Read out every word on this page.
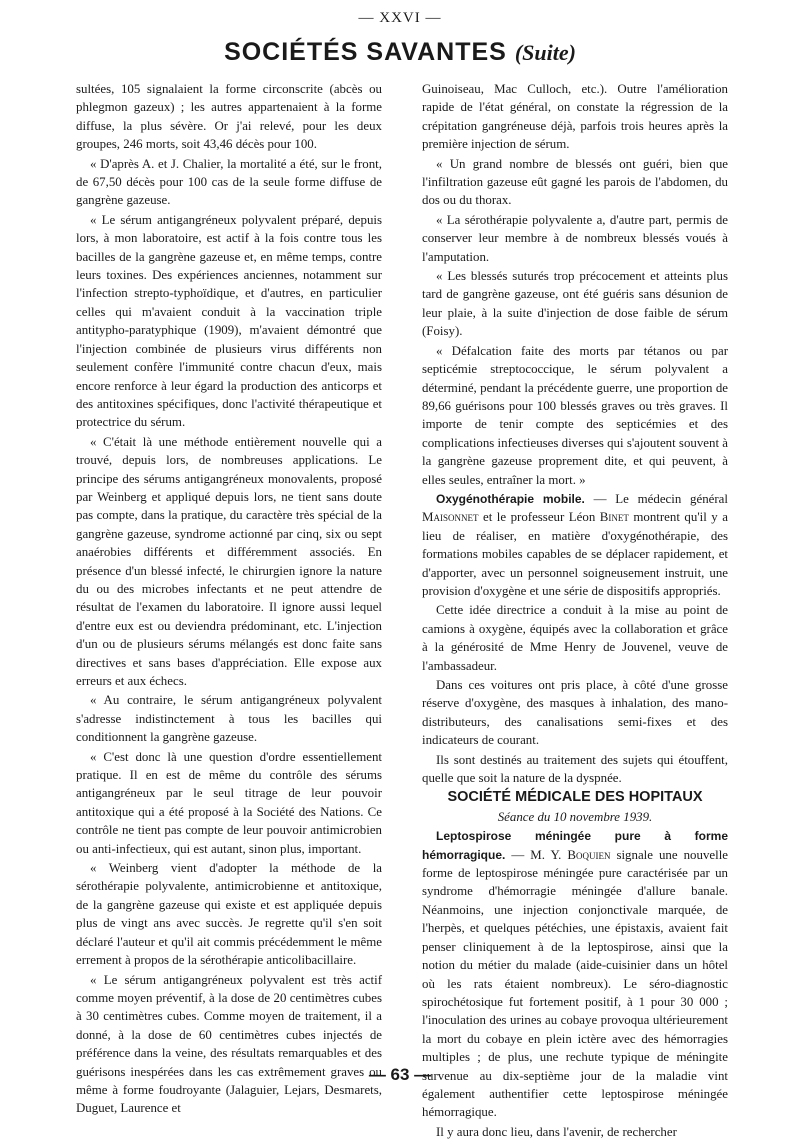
— XXVI —
SOCIÉTÉS SAVANTES (Suite)

sultées, 105 signalaient la forme circonscrite (abcès ou phlegmon gazeux) ; les autres appartenaient à la forme diffuse, la plus sévère. Or j'ai relevé, pour les deux groupes, 246 morts, soit 43,46 décès pour 100.

« D'après A. et J. Chalier, la mortalité a été, sur le front, de 67,50 décès pour 100 cas de la seule forme diffuse de gangrène gazeuse.

« Le sérum antigangréneux polyvalent préparé, depuis lors, à mon laboratoire, est actif à la fois contre tous les bacilles de la gangrène gazeuse et, en même temps, contre leurs toxines. Des expériences anciennes, notamment sur l'infection strepto-typhoïdique, et d'autres, en particulier celles qui m'avaient conduit à la vaccination triple antitypho-paratyphique (1909), m'avaient démontré que l'injection combinée de plusieurs virus différents non seulement confère l'immunité contre chacun d'eux, mais encore renforce à leur égard la production des anticorps et des antitoxines spécifiques, donc l'activité thérapeutique et protectrice du sérum.

« C'était là une méthode entièrement nouvelle qui a trouvé, depuis lors, de nombreuses applications. Le principe des sérums antigangréneux monovalents, proposé par Weinberg et appliqué depuis lors, ne tient sans doute pas compte, dans la pratique, du caractère très spécial de la gangrène gazeuse, syndrome actionné par cinq, six ou sept anaérobies différents et différemment associés. En présence d'un blessé infecté, le chirurgien ignore la nature du ou des microbes infectants et ne peut attendre de résultat de l'examen du laboratoire. Il ignore aussi lequel d'entre eux est ou deviendra prédominant, etc. L'injection d'un ou de plusieurs sérums mélangés est donc faite sans directives et sans bases d'appréciation. Elle expose aux erreurs et aux échecs.

« Au contraire, le sérum antigangréneux polyvalent s'adresse indistinctement à tous les bacilles qui conditionnent la gangrène gazeuse.

« C'est donc là une question d'ordre essentiellement pratique. Il en est de même du contrôle des sérums antigangréneux par le seul titrage de leur pouvoir antitoxique qui a été proposé à la Société des Nations. Ce contrôle ne tient pas compte de leur pouvoir antimicrobien ou anti-infectieux, qui est autant, sinon plus, important.

« Weinberg vient d'adopter la méthode de la sérothérapie polyvalente, antimicrobienne et antitoxique, de la gangrène gazeuse qui existe et est appliquée depuis plus de vingt ans avec succès. Je regrette qu'il s'en soit déclaré l'auteur et qu'il ait commis précédemment le même errement à propos de la sérothérapie anticolibacillaire.

« Le sérum antigangréneux polyvalent est très actif comme moyen préventif, à la dose de 20 centimètres cubes à 30 centimètres cubes. Comme moyen de traitement, il a donné, à la dose de 60 centimètres cubes injectés de préférence dans la veine, des résultats remarquables et des guérisons inespérées dans les cas extrêmement graves ou même à forme foudroyante (Jalaguier, Lejars, Desmarets, Duguet, Laurence et

Guinoiseau, Mac Culloch, etc.). Outre l'amélioration rapide de l'état général, on constate la régression de la crépitation gangréneuse déjà, parfois trois heures après la première injection de sérum.

« Un grand nombre de blessés ont guéri, bien que l'infiltration gazeuse eût gagné les parois de l'abdomen, du dos ou du thorax.

« La sérothérapie polyvalente a, d'autre part, permis de conserver leur membre à de nombreux blessés voués à l'amputation.

« Les blessés suturés trop précocement et atteints plus tard de gangrène gazeuse, ont été guéris sans désunion de leur plaie, à la suite d'injection de dose faible de sérum (Foisy).

« Défalcation faite des morts par tétanos ou par septicémie streptococcique, le sérum polyvalent a déterminé, pendant la précédente guerre, une proportion de 89,66 guérisons pour 100 blessés graves ou très graves. Il importe de tenir compte des septicémies et des complications infectieuses diverses qui s'ajoutent souvent à la gangrène gazeuse proprement dite, et qui peuvent, à elles seules, entraîner la mort. »

Oxygénothérapie mobile. — Le médecin général Maisonnet et le professeur Léon Binet montrent qu'il y a lieu de réaliser, en matière d'oxygénothérapie, des formations mobiles capables de se déplacer rapidement, et d'apporter, avec un personnel soigneusement instruit, une provision d'oxygène et une série de dispositifs appropriés.

Cette idée directrice a conduit à la mise au point de camions à oxygène, équipés avec la collaboration et grâce à la générosité de Mme Henry de Jouvenel, veuve de l'ambassadeur.

Dans ces voitures ont pris place, à côté d'une grosse réserve d'oxygène, des masques à inhalation, des mano-distributeurs, des canalisations semi-fixes et des indicateurs de courant.

Ils sont destinés au traitement des sujets qui étouffent, quelle que soit la nature de la dyspnée.

SOCIÉTÉ MÉDICALE DES HOPITAUX

Séance du 10 novembre 1939.

Leptospirose méningée pure à forme hémorragique. — M. Y. Boquien signale une nouvelle forme de leptospirose méningée pure caractérisée par un syndrome d'hémorragie méningée d'allure banale. Néanmoins, une injection conjonctivale marquée, de l'herpès, et quelques pétéchies, une épistaxis, avaient fait penser cliniquement à de la leptospirose, ainsi que la notion du métier du malade (aide-cuisinier dans un hôtel où les rats étaient nombreux). Le séro-diagnostic spirochétosique fut fortement positif, à 1 pour 30 000 ; l'inoculation des urines au cobaye provoqua ultérieurement la mort du cobaye en plein ictère avec des hémorragies multiples ; de plus, une rechute typique de méningite survenue au dix-septième jour de la maladie vint également authentifier cette leptospirose méningée hémorragique.

Il y aura donc lieu, dans l'avenir, de rechercher

— 63 —
